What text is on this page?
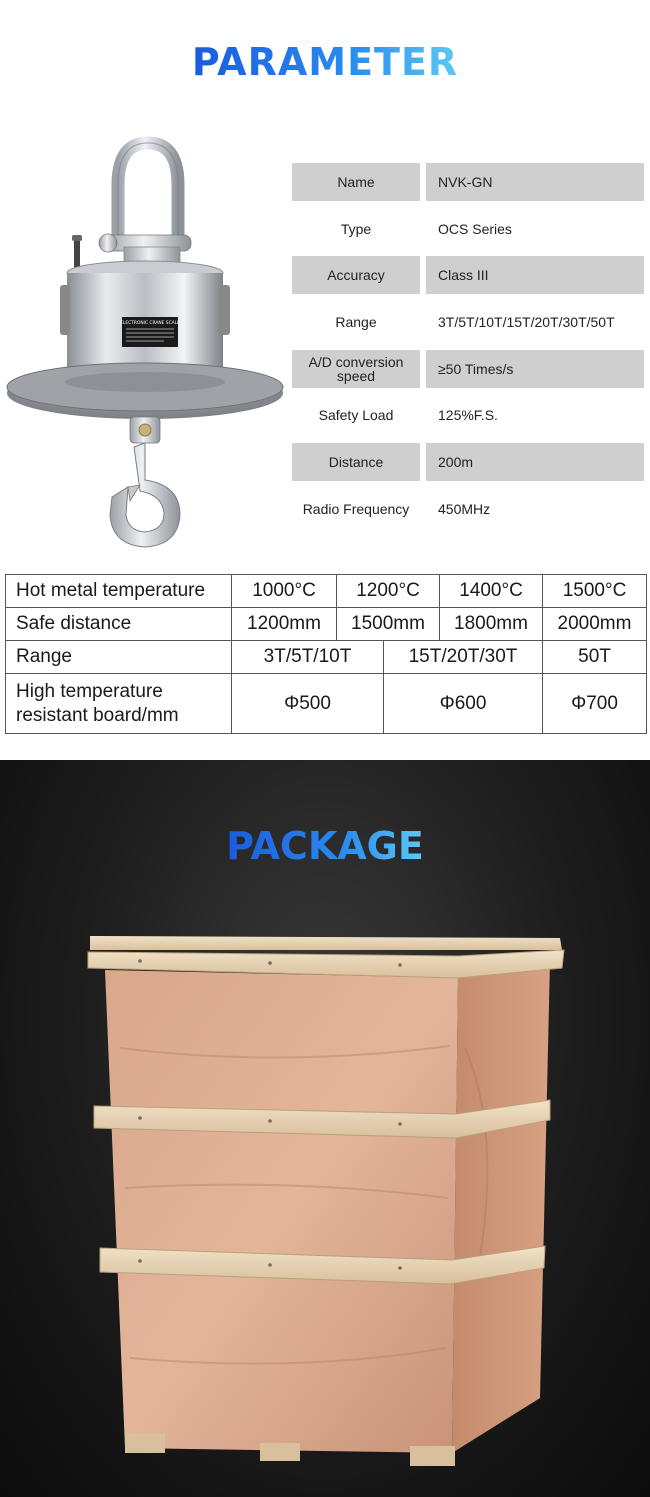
PARAMETER
ELECTRONIC CRANE SCALE
Name	NVK-GN
Type	OCS Series
Accuracy	Class III
Range	3T/5T/10T/15T/20T/30T/50T
A/D conversion
speed	≥50 Times/s
Safety Load	125%F.S.
Distance	200m
Radio Frequency	450MHz
Hot metal temperature	1000°C	1200°C		1400°C	1500°C
Safe distance	1200mm	1500mm		1800mm	2000mm
Range	3T/5T/10T		15T/20T/30T		50T

High temperature
resistant board/mm	Φ500		Φ600		Φ700
PACKAGE
